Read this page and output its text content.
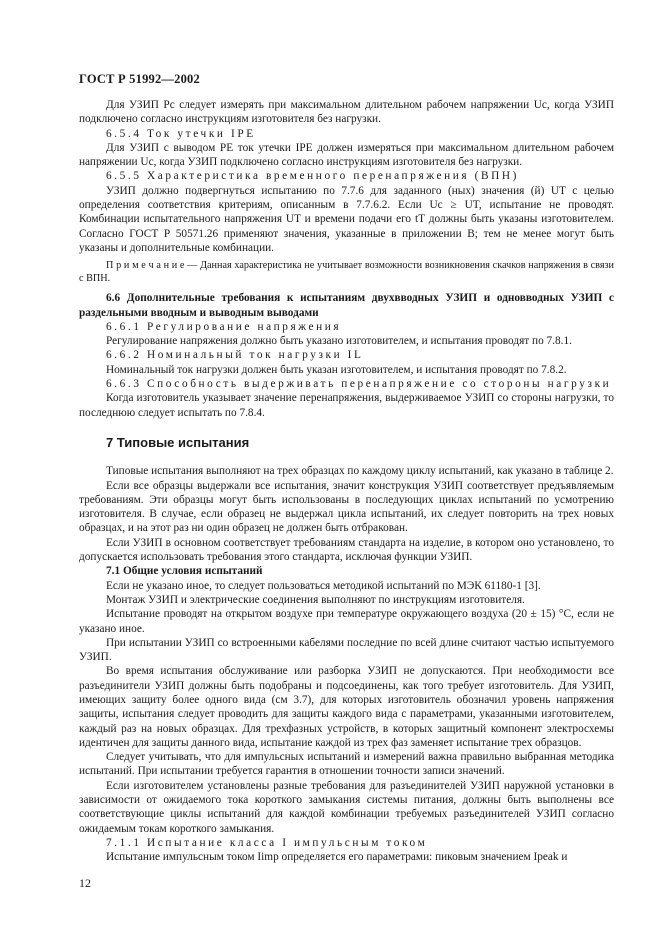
ГОСТ Р 51992—2002

Для УЗИП Pc следует измерять при максимальном длительном рабочем напряжении Uc, когда УЗИП подключено согласно инструкциям изготовителя без нагрузки.

6.5.4 Ток утечки IPE

Для УЗИП с выводом PE ток утечки IPE должен измеряться при максимальном длительном рабочем напряжении Uc, когда УЗИП подключено согласно инструкциям изготовителя без нагрузки.

6.5.5 Характеристика временного перенапряжения (ВПН)

УЗИП должно подвергнуться испытанию по 7.7.6 для заданного (ных) значения (й) UT с целью определения соответствия критериям, описанным в 7.7.6.2. Если Uc ≥ UT, испытание не проводят. Комбинации испытательного напряжения UT и времени подачи его tT должны быть указаны изготовителем. Согласно ГОСТ Р 50571.26 применяют значения, указанные в приложении В; тем не менее могут быть указаны и дополнительные комбинации.

П р и м е ч а н и е — Данная характеристика не учитывает возможности возникновения скачков напряжения в связи с ВПН.

6.6 Дополнительные требования к испытаниям двухвводных УЗИП и одновводных УЗИП с раздельными вводным и выводным выводами

6.6.1 Регулирование напряжения

Регулирование напряжения должно быть указано изготовителем, и испытания проводят по 7.8.1.

6.6.2 Номинальный ток нагрузки IL

Номинальный ток нагрузки должен быть указан изготовителем, и испытания проводят по 7.8.2.

6.6.3 Способность выдерживать перенапряжение со стороны нагрузки

Когда изготовитель указывает значение перенапряжения, выдерживаемое УЗИП со стороны нагрузки, то последнюю следует испытать по 7.8.4.

7 Типовые испытания

Типовые испытания выполняют на трех образцах по каждому циклу испытаний, как указано в таблице 2.

Если все образцы выдержали все испытания, значит конструкция УЗИП соответствует предъявляемым требованиям. Эти образцы могут быть использованы в последующих циклах испытаний по усмотрению изготовителя. В случае, если образец не выдержал цикла испытаний, их следует повторить на трех новых образцах, и на этот раз ни один образец не должен быть отбракован.

Если УЗИП в основном соответствует требованиям стандарта на изделие, в котором оно установлено, то допускается использовать требования этого стандарта, исключая функции УЗИП.

7.1 Общие условия испытаний

Если не указано иное, то следует пользоваться методикой испытаний по МЭК 61180-1 [3].

Монтаж УЗИП и электрические соединения выполняют по инструкциям изготовителя.

Испытание проводят на открытом воздухе при температуре окружающего воздуха (20 ± 15) °С, если не указано иное.

При испытании УЗИП со встроенными кабелями последние по всей длине считают частью испытуемого УЗИП.

Во время испытания обслуживание или разборка УЗИП не допускаются. При необходимости все разъединители УЗИП должны быть подобраны и подсоединены, как того требует изготовитель. Для УЗИП, имеющих защиту более одного вида (см 3.7), для которых изготовитель обозначил уровень напряжения защиты, испытания следует проводить для защиты каждого вида с параметрами, указанными изготовителем, каждый раз на новых образцах. Для трехфазных устройств, в которых защитный компонент электросхемы идентичен для защиты данного вида, испытание каждой из трех фаз заменяет испытание трех образцов.

Следует учитывать, что для импульсных испытаний и измерений важна правильно выбранная методика испытаний. При испытании требуется гарантия в отношении точности записи значений.

Если изготовителем установлены разные требования для разъединителей УЗИП наружной установки в зависимости от ожидаемого тока короткого замыкания системы питания, должны быть выполнены все соответствующие циклы испытаний для каждой комбинации требуемых разъединителей УЗИП согласно ожидаемым токам короткого замыкания.

7.1.1 Испытание класса I импульсным током

Испытание импульсным током Iimp определяется его параметрами: пиковым значением Ipeak и

12
